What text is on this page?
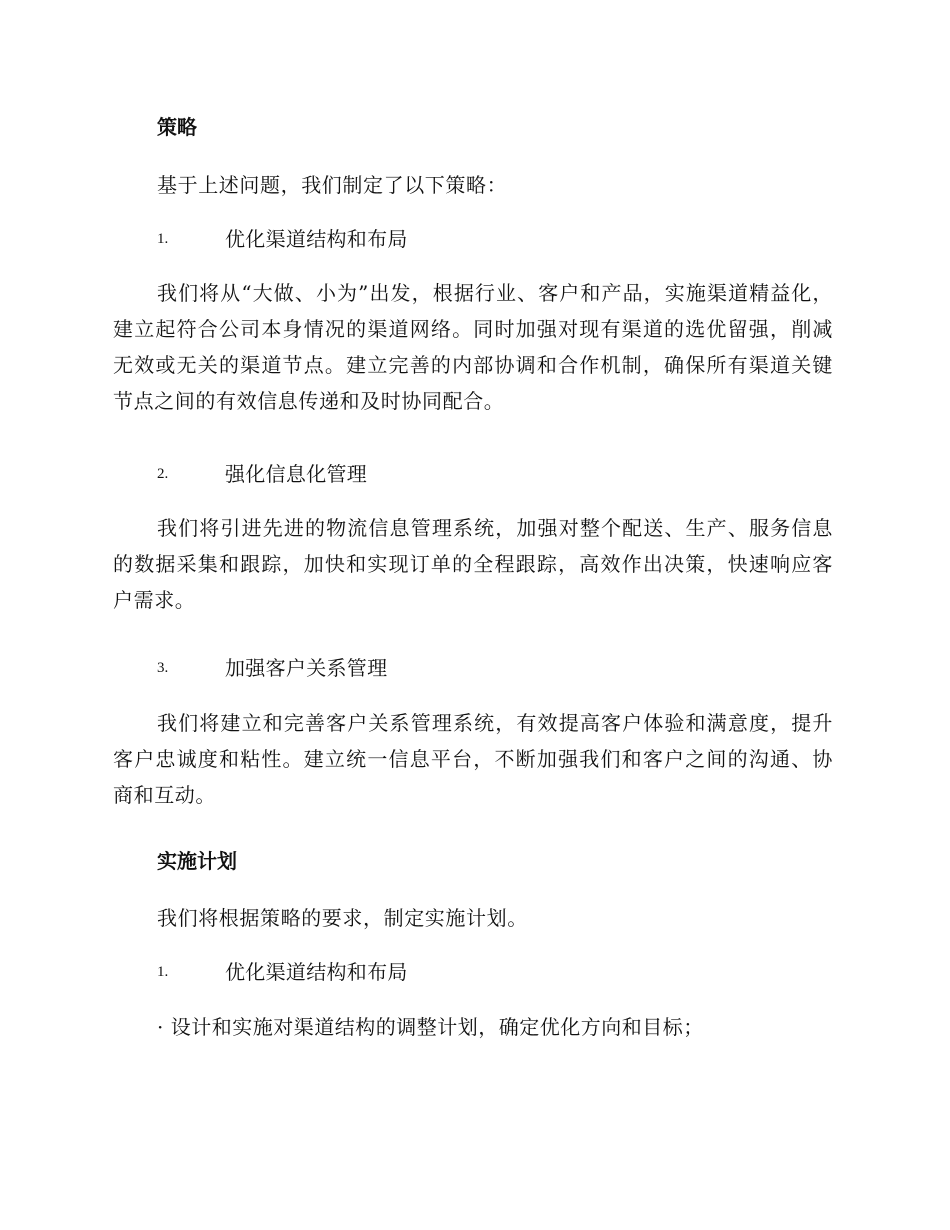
策略

基于上述问题，我们制定了以下策略：

1.	优化渠道结构和布局

我们将从“大做、小为”出发，根据行业、客户和产品，实施渠道精益化，建立起符合公司本身情况的渠道网络。同时加强对现有渠道的选优留强，削减无效或无关的渠道节点。建立完善的内部协调和合作机制，确保所有渠道关键节点之间的有效信息传递和及时协同配合。

2.	强化信息化管理

我们将引进先进的物流信息管理系统，加强对整个配送、生产、服务信息的数据采集和跟踪，加快和实现订单的全程跟踪，高效作出决策，快速响应客户需求。

3.	加强客户关系管理

我们将建立和完善客户关系管理系统，有效提高客户体验和满意度，提升客户忠诚度和粘性。建立统一信息平台，不断加强我们和客户之间的沟通、协商和互动。

实施计划

我们将根据策略的要求，制定实施计划。

1.	优化渠道结构和布局
· 设计和实施对渠道结构的调整计划，确定优化方向和目标；
